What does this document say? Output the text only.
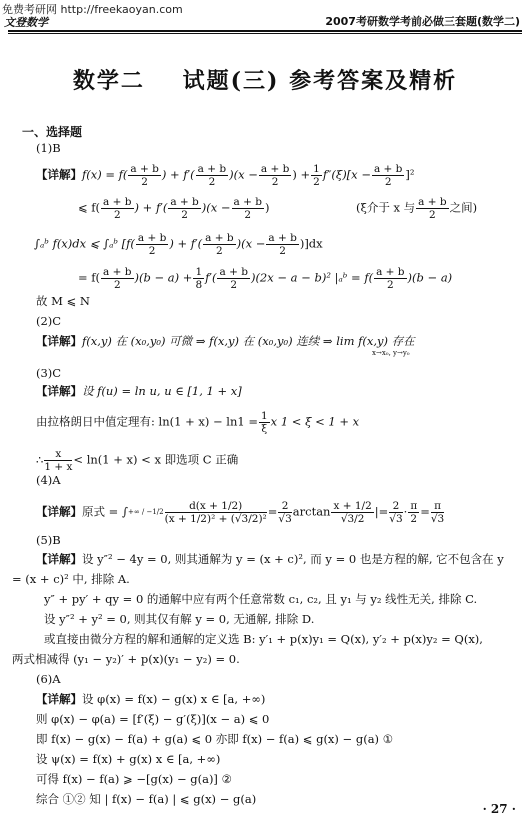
免费考研网 http://freekaoyan.com
文登数学	2007考研数学考前必做三套题(数学二)
数学二 试题(三) 参考答案及精析
一、选择题
(1)B
【详解】$f(x) = f( \frac{a + b}{2}$ ) + $f'( \frac{a + b}{2} )(x - \frac{a + b}{2}$ ) + $\frac{1}{2} f''(\xi)[x - \frac{a + b}{2} ]^2$
⩽ $f( \frac{a + b}{2}$ ) + $f'( \frac{a + b}{2} )(x - \frac{a + b}{2}$ )	(ξ介于 x 与 $\frac{a + b}{2}$ 之间)
∫ₐᵇ f(x)dx ⩽ ∫ₐᵇ [$f( \frac{a + b}{2}$ ) + $f'( \frac{a + b}{2} )(x - \frac{a + b}{2} )]dx$
= $f( \frac{a + b}{2} )(b - a) + \frac{1}{8} f'( \frac{a + b}{2} )(2x - a - b)^2$ |ₐᵇ = $f( \frac{a + b}{2} )(b - a)$
故 M ⩽ N
(2)C
【详解】f(x,y) 在 (x₀,y₀) 可微 ⇒ f(x,y) 在 (x₀,y₀) 连续 ⇒ lim f(x,y) 存在
x→x₀, y→y₀
(3)C
【详解】设 f(u) = ln u, u ∈ [1, 1 + x]
由拉格朗日中值定理有: $\ln(1 + x) - \ln 1 = \frac{1}{\xi}$ x 1 < ξ < 1 + x
∴ $\frac{x}{1 + x} < \ln(1 + x) < x$ 即选项 C 正确
(4)A
【详解】原式 = ∫+∞ / $-1/2 \frac{d(x + 1/2)}{\text{(x + 1/2)² + (√3/2)²}} = \frac{2}{√3}$ $\arctan \frac{x + 1/2}{√3/2}$ |= $\frac{2}{√3} \cdot \frac{\pi}{2} = \frac{\pi}{√3}$
(5)B
【详解】设 y″² − 4y = 0, 则其通解为 y = (x + c)², 而 y = 0 也是方程的解, 它不包含在 y
= (x + c)² 中, 排除 A.
y″ + py′ + qy = 0 的通解中应有两个任意常数 c₁, c₂, 且 y₁ 与 y₂ 线性无关, 排除 C.
设 y″² + y² = 0, 则其仅有解 y = 0, 无通解, 排除 D.
或直接由微分方程的解和通解的定义选 B: y′₁ + p(x)y₁ = Q(x), y′₂ + p(x)y₂ = Q(x),
两式相减得 (y₁ − y₂)′ + p(x)(y₁ − y₂) = 0.
(6)A
【详解】设 φ(x) = f(x) − g(x) x ∈ [a, +∞)
则 φ(x) − φ(a) = [f′(ξ) − g′(ξ)](x − a) ⩽ 0
即 f(x) − g(x) − f(a) + g(a) ⩽ 0 亦即 f(x) − f(a) ⩽ g(x) − g(a) ①
设 ψ(x) = f(x) + g(x) x ∈ [a, +∞)
可得 f(x) − f(a) ⩾ −[g(x) − g(a)] ②
综合 ①② 知 | f(x) − f(a) | ⩽ g(x) − g(a)
· 27 ·
